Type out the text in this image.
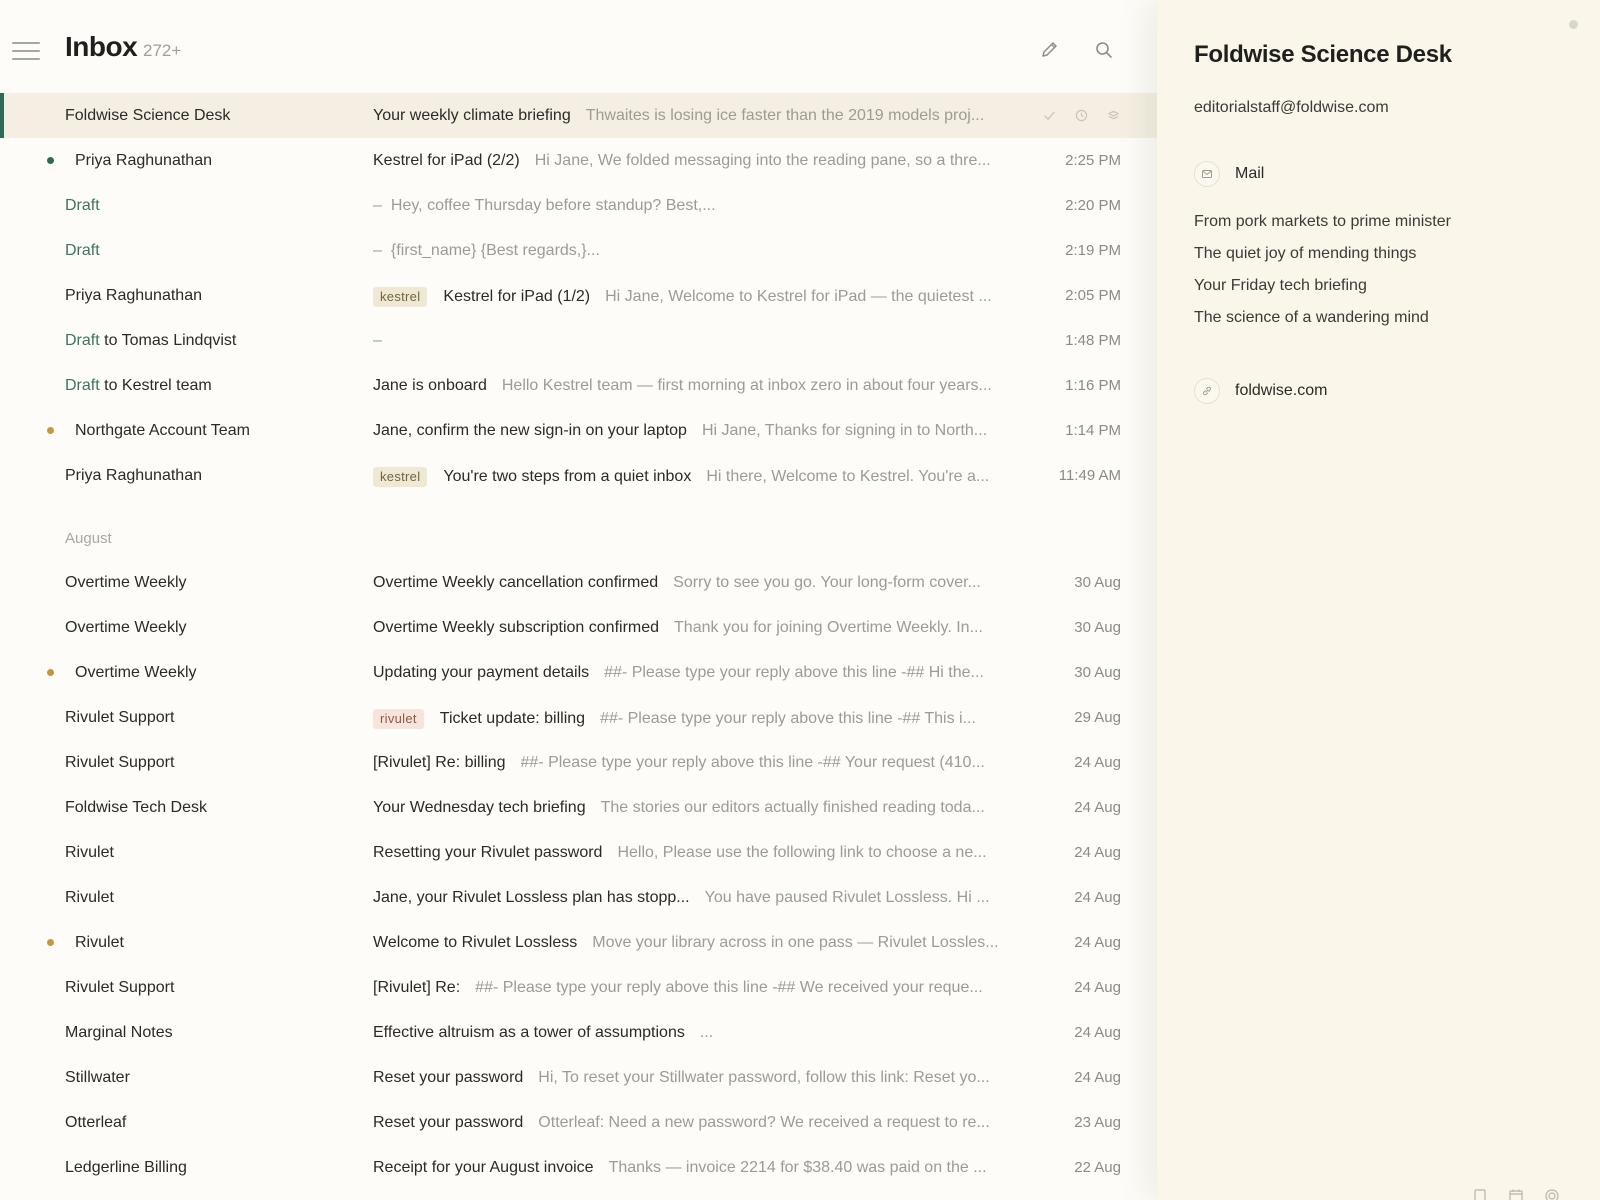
Inbox 272+
Foldwise Science Desk	Your weekly climate briefing Thwaites is losing ice faster than the 2019 models proj...
Priya Raghunathan	Kestrel for iPad (2/2) Hi Jane, We folded messaging into the reading pane, so a thre...	2:25 PM
Draft	– Hey, coffee Thursday before standup? Best,...	2:20 PM
Draft	– {first_name} {Best regards,}...	2:19 PM
Priya Raghunathan	kestrel	Kestrel for iPad (1/2) Hi Jane, Welcome to Kestrel for iPad — the quietest ...	2:05 PM
Draft to Tomas Lindqvist	–	1:48 PM
Draft to Kestrel team	Jane is onboard Hello Kestrel team — first morning at inbox zero in about four years...	1:16 PM
Northgate Account Team	Jane, confirm the new sign-in on your laptop Hi Jane, Thanks for signing in to North...	1:14 PM
Priya Raghunathan	kestrel	You're two steps from a quiet inbox Hi there, Welcome to Kestrel. You're a...	11:49 AM
August
Overtime Weekly	Overtime Weekly cancellation confirmed Sorry to see you go. Your long-form cover...	30 Aug
Overtime Weekly	Overtime Weekly subscription confirmed Thank you for joining Overtime Weekly. In...	30 Aug
Overtime Weekly	Updating your payment details ##- Please type your reply above this line -## Hi the...	30 Aug
Rivulet Support	rivulet	Ticket update: billing ##- Please type your reply above this line -## This i...	29 Aug
Rivulet Support	[Rivulet] Re: billing ##- Please type your reply above this line -## Your request (410...	24 Aug
Foldwise Tech Desk	Your Wednesday tech briefing The stories our editors actually finished reading toda...	24 Aug
Rivulet	Resetting your Rivulet password Hello, Please use the following link to choose a ne...	24 Aug
Rivulet	Jane, your Rivulet Lossless plan has stopp... You have paused Rivulet Lossless. Hi ...	24 Aug
Rivulet	Welcome to Rivulet Lossless Move your library across in one pass — Rivulet Lossles...	24 Aug
Rivulet Support	[Rivulet] Re: ##- Please type your reply above this line -## We received your reque...	24 Aug
Marginal Notes	Effective altruism as a tower of assumptions ...	24 Aug
Stillwater	Reset your password Hi, To reset your Stillwater password, follow this link: Reset yo...	24 Aug
Otterleaf	Reset your password Otterleaf: Need a new password? We received a request to re...	23 Aug
Ledgerline Billing	Receipt for your August invoice Thanks — invoice 2214 for $38.40 was paid on the ...	22 Aug
Foldwise Science Desk
editorialstaff@foldwise.com
Mail
From pork markets to prime minister
The quiet joy of mending things
Your Friday tech briefing
The science of a wandering mind
foldwise.com
